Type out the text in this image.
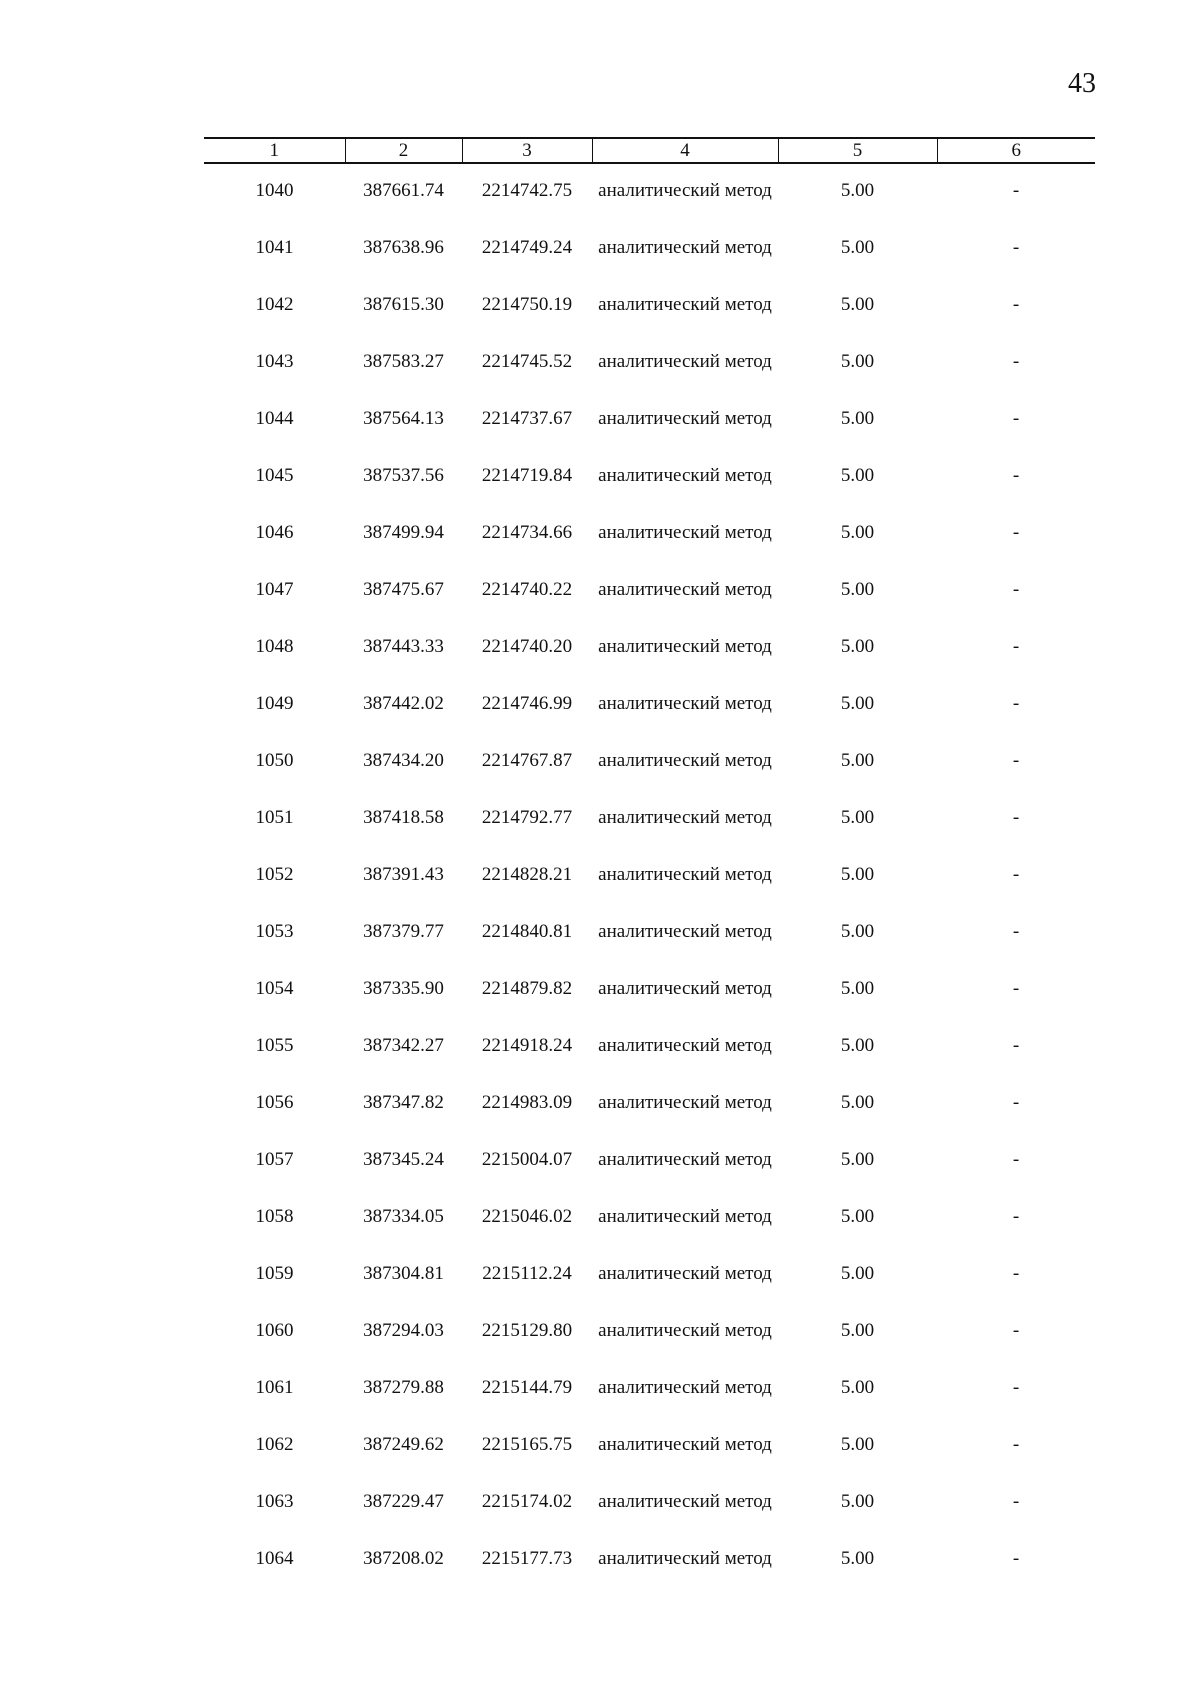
43
1	2	3	4	5	6
1040	387661.74	2214742.75	аналитический метод	5.00	-
1041	387638.96	2214749.24	аналитический метод	5.00	-
1042	387615.30	2214750.19	аналитический метод	5.00	-
1043	387583.27	2214745.52	аналитический метод	5.00	-
1044	387564.13	2214737.67	аналитический метод	5.00	-
1045	387537.56	2214719.84	аналитический метод	5.00	-
1046	387499.94	2214734.66	аналитический метод	5.00	-
1047	387475.67	2214740.22	аналитический метод	5.00	-
1048	387443.33	2214740.20	аналитический метод	5.00	-
1049	387442.02	2214746.99	аналитический метод	5.00	-
1050	387434.20	2214767.87	аналитический метод	5.00	-
1051	387418.58	2214792.77	аналитический метод	5.00	-
1052	387391.43	2214828.21	аналитический метод	5.00	-
1053	387379.77	2214840.81	аналитический метод	5.00	-
1054	387335.90	2214879.82	аналитический метод	5.00	-
1055	387342.27	2214918.24	аналитический метод	5.00	-
1056	387347.82	2214983.09	аналитический метод	5.00	-
1057	387345.24	2215004.07	аналитический метод	5.00	-
1058	387334.05	2215046.02	аналитический метод	5.00	-
1059	387304.81	2215112.24	аналитический метод	5.00	-
1060	387294.03	2215129.80	аналитический метод	5.00	-
1061	387279.88	2215144.79	аналитический метод	5.00	-
1062	387249.62	2215165.75	аналитический метод	5.00	-
1063	387229.47	2215174.02	аналитический метод	5.00	-
1064	387208.02	2215177.73	аналитический метод	5.00	-
